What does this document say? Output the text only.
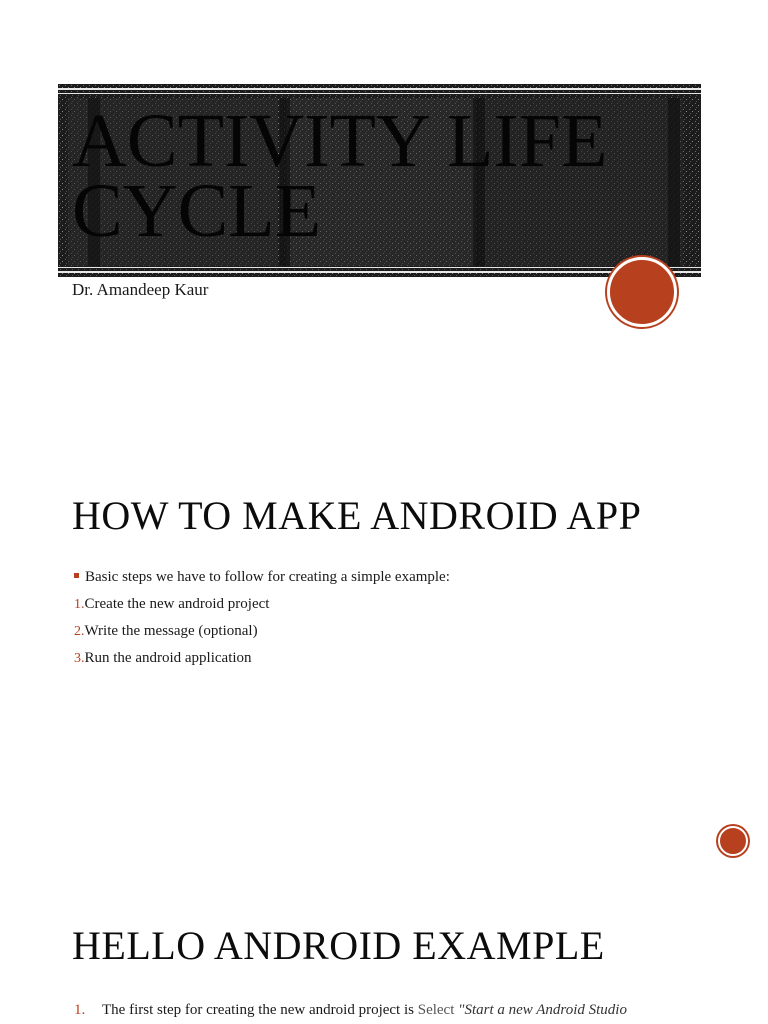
ACTIVITY LIFE CYCLE
Dr. Amandeep Kaur
HOW TO MAKE ANDROID APP
Basic steps we have to follow for creating a simple example:
1.Create the new android project
2.Write the message (optional)
3.Run the android application
HELLO ANDROID EXAMPLE
1. The first step for creating the new android project is Select "Start a new Android Studio
